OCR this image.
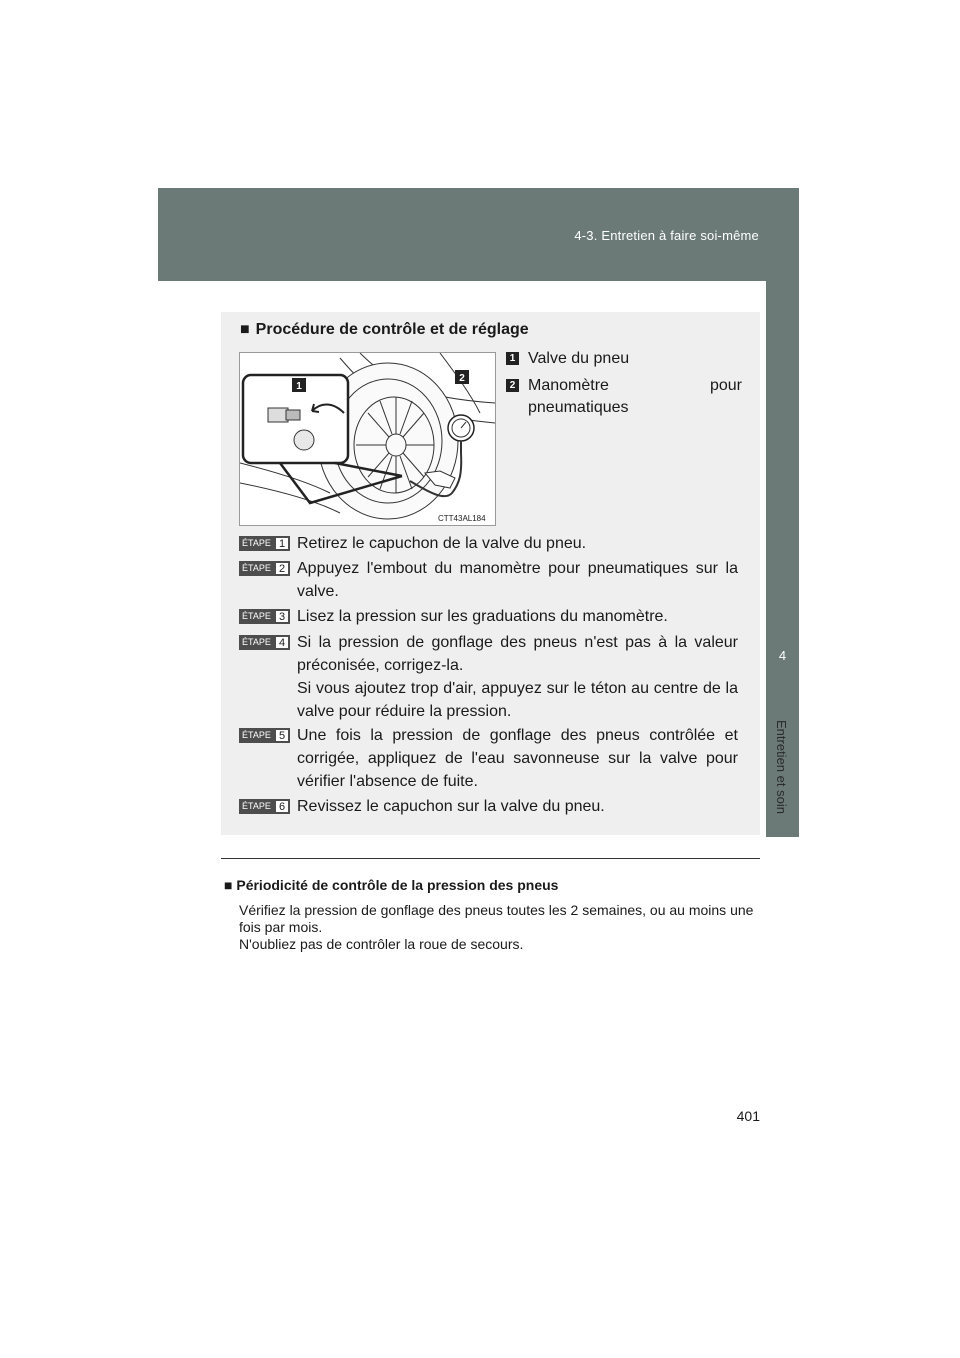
4-3. Entretien à faire soi-même
4
Entretien et soin
■ Procédure de contrôle et de réglage
1
2
CTT43AL184
1 Valve du pneu
2 Manomètre pour
pneumatiques
ÉTAPE 1 Retirez le capuchon de la valve du pneu.

ÉTAPE 2 Appuyez l'embout du manomètre pour pneumatiques sur la valve.

ÉTAPE 3 Lisez la pression sur les graduations du manomètre.

ÉTAPE 4 Si la pression de gonflage des pneus n'est pas à la valeur préconisée, corrigez-la.

Si vous ajoutez trop d'air, appuyez sur le téton au centre de la valve pour réduire la pression.

ÉTAPE 5 Une fois la pression de gonflage des pneus contrôlée et corrigée, appliquez de l'eau savonneuse sur la valve pour vérifier l'absence de fuite.

ÉTAPE 6 Revissez le capuchon sur la valve du pneu.

■ Périodicité de contrôle de la pression des pneus

Vérifiez la pression de gonflage des pneus toutes les 2 semaines, ou au moins une fois par mois.

N'oubliez pas de contrôler la roue de secours.

401
